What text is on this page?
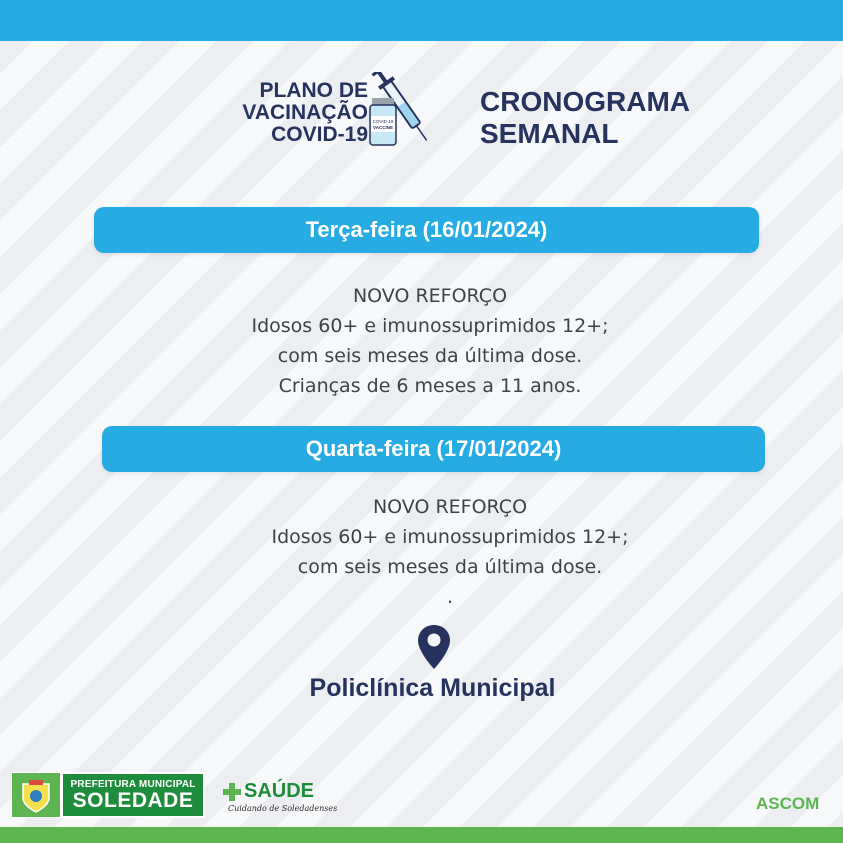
PLANO DE
VACINAÇÃO
COVID-19
COVID-19
VACCINE
CRONOGRAMA
SEMANAL
Terça-feira (16/01/2024)
NOVO REFORÇO
Idosos 60+ e imunossuprimidos 12+;
com seis meses da última dose.
Crianças de 6 meses a 11 anos.
Quarta-feira (17/01/2024)
NOVO REFORÇO
Idosos 60+ e imunossuprimidos 12+;
com seis meses da última dose.
.
Policlínica Municipal
PREFEITURA MUNICIPAL
SOLEDADE	SAÚDE
Cuidando de Soledadenses	ASCOM
